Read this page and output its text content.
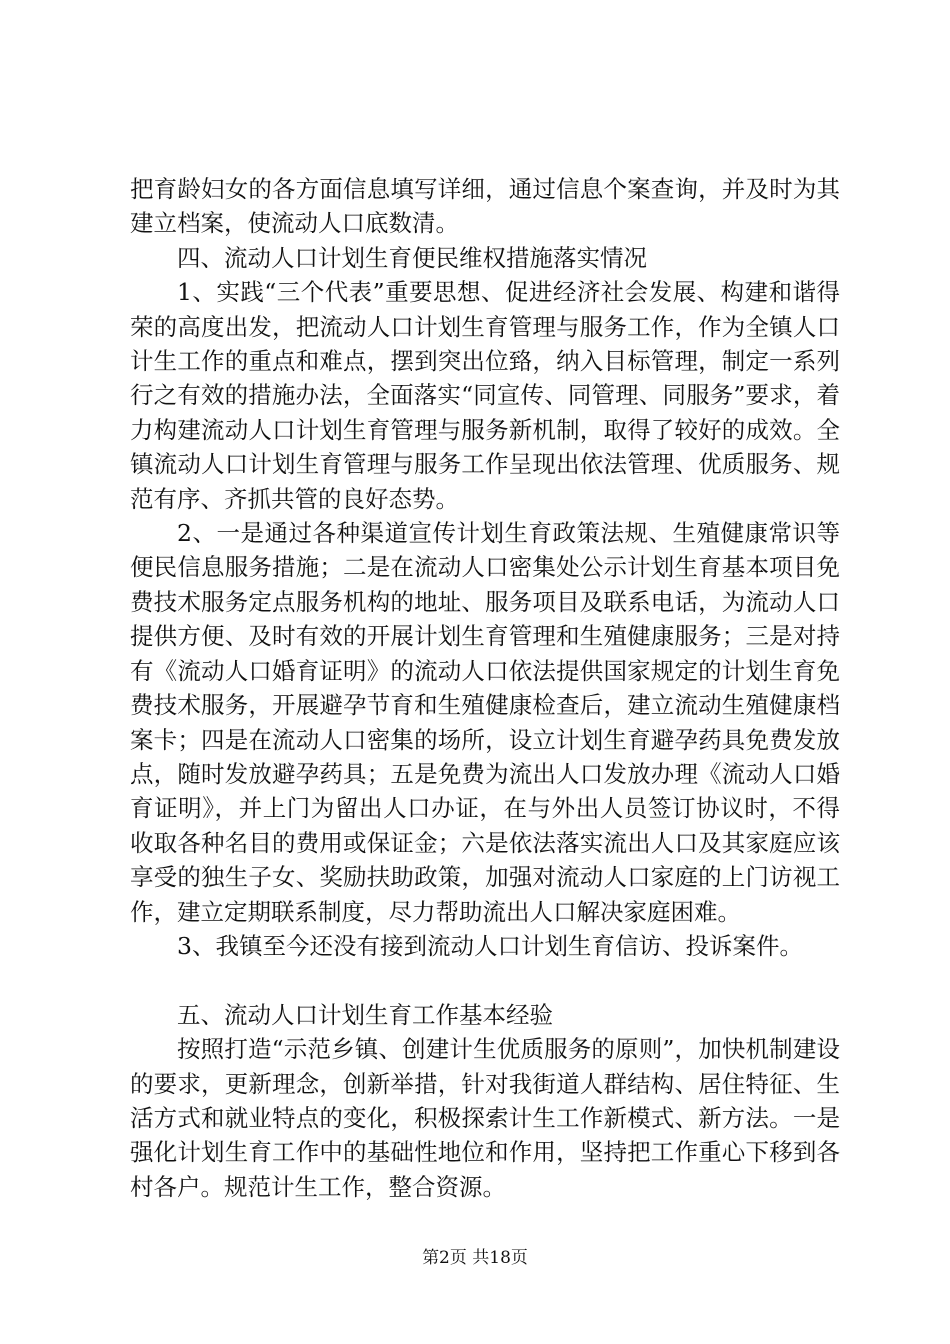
把育龄妇女的各方面信息填写详细，通过信息个案查询，并及时为其建立档案，使流动人口底数清。

四、流动人口计划生育便民维权措施落实情况

1、实践“三个代表”重要思想、促进经济社会发展、构建和谐得荣的高度出发，把流动人口计划生育管理与服务工作，作为全镇人口计生工作的重点和难点，摆到突出位臵，纳入目标管理，制定一系列行之有效的措施办法，全面落实“同宣传、同管理、同服务”要求，着力构建流动人口计划生育管理与服务新机制，取得了较好的成效。全镇流动人口计划生育管理与服务工作呈现出依法管理、优质服务、规范有序、齐抓共管的良好态势。

2、一是通过各种渠道宣传计划生育政策法规、生殖健康常识等便民信息服务措施；二是在流动人口密集处公示计划生育基本项目免费技术服务定点服务机构的地址、服务项目及联系电话，为流动人口提供方便、及时有效的开展计划生育管理和生殖健康服务；三是对持有《流动人口婚育证明》的流动人口依法提供国家规定的计划生育免费技术服务，开展避孕节育和生殖健康检查后，建立流动生殖健康档案卡；四是在流动人口密集的场所，设立计划生育避孕药具免费发放点，随时发放避孕药具；五是免费为流出人口发放办理《流动人口婚育证明》，并上门为留出人口办证，在与外出人员签订协议时，不得收取各种名目的费用或保证金；六是依法落实流出人口及其家庭应该享受的独生子女、奖励扶助政策，加强对流动人口家庭的上门访视工作，建立定期联系制度，尽力帮助流出人口解决家庭困难。

3、我镇至今还没有接到流动人口计划生育信访、投诉案件。

五、流动人口计划生育工作基本经验

按照打造“示范乡镇、创建计生优质服务的原则”，加快机制建设的要求，更新理念，创新举措，针对我街道人群结构、居住特征、生活方式和就业特点的变化，积极探索计生工作新模式、新方法。一是强化计划生育工作中的基础性地位和作用，坚持把工作重心下移到各村各户。规范计生工作，整合资源。

第2页 共18页
